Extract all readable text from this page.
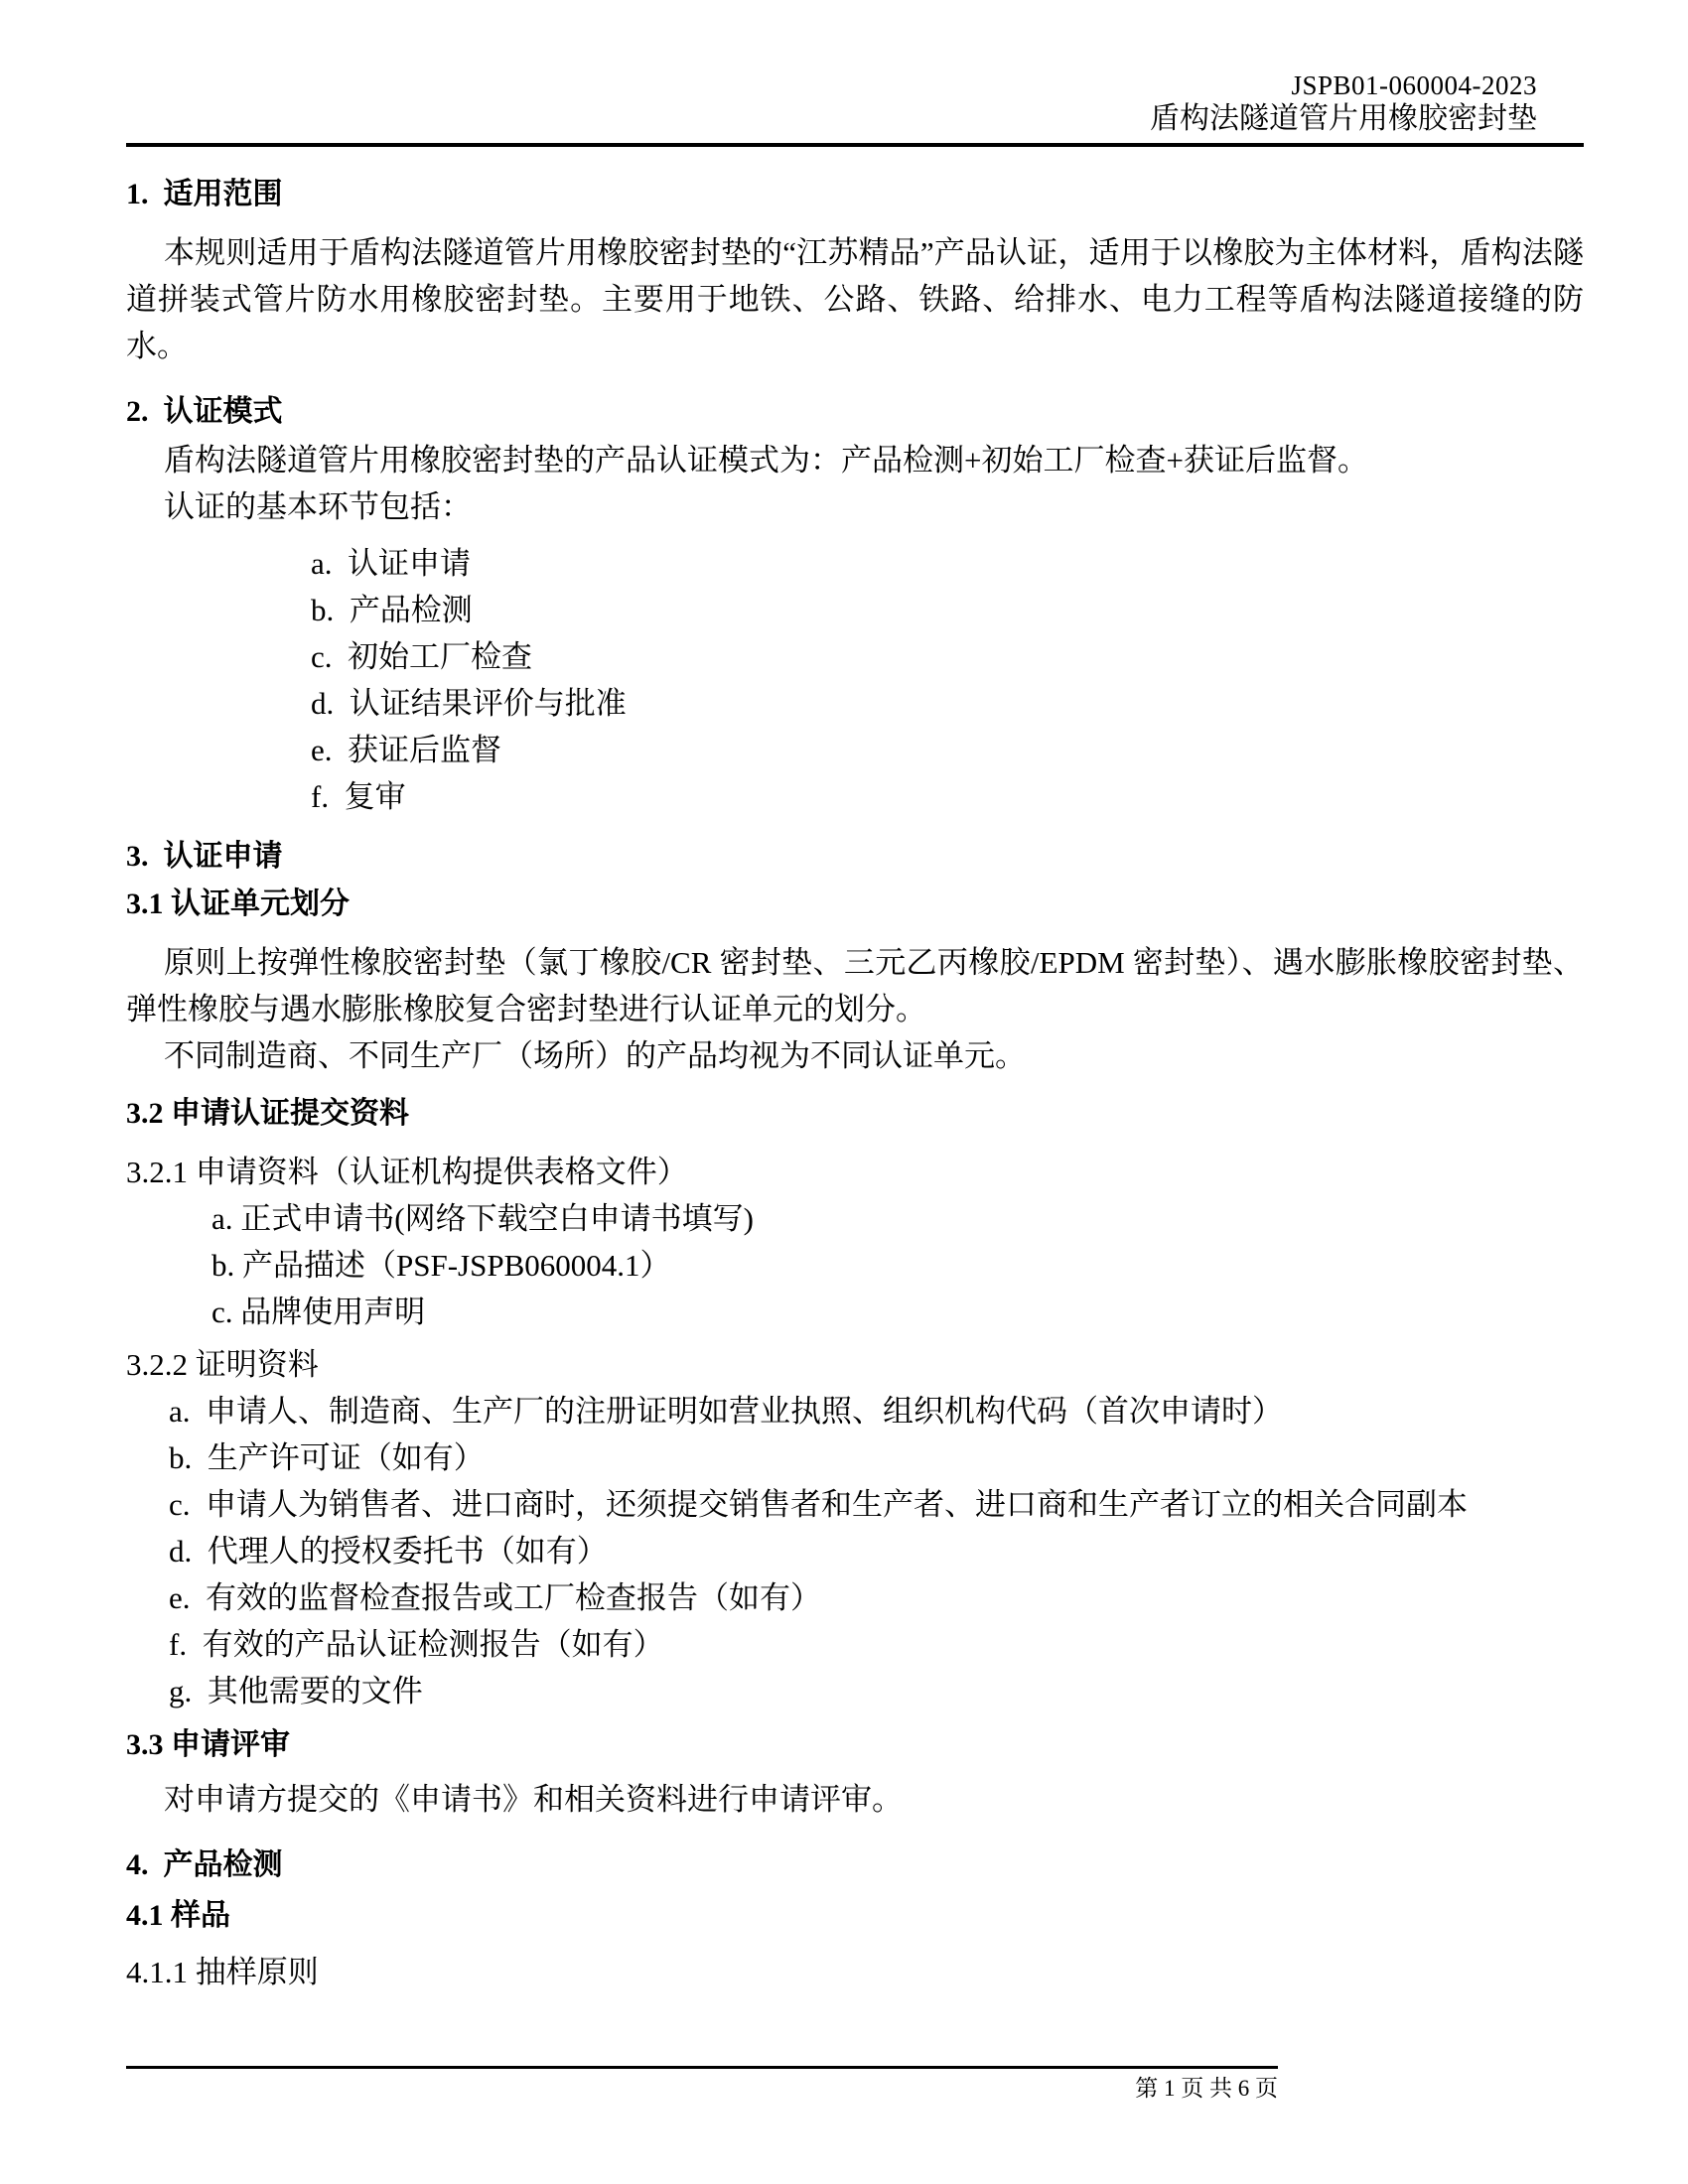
JSPB01-060004-2023
盾构法隧道管片用橡胶密封垫
1.  适用范围

本规则适用于盾构法隧道管片用橡胶密封垫的“江苏精品”产品认证，适用于以橡胶为主体材料，盾构法隧道拼装式管片防水用橡胶密封垫。主要用于地铁、公路、铁路、给排水、电力工程等盾构法隧道接缝的防水。

2.  认证模式

盾构法隧道管片用橡胶密封垫的产品认证模式为：产品检测+初始工厂检查+获证后监督。

认证的基本环节包括：

a.  认证申请
b.  产品检测
c.  初始工厂检查
d.  认证结果评价与批准
e.  获证后监督
f.  复审
3.  认证申请
3.1 认证单元划分

原则上按弹性橡胶密封垫（氯丁橡胶/CR 密封垫、三元乙丙橡胶/EPDM 密封垫）、遇水膨胀橡胶密封垫、弹性橡胶与遇水膨胀橡胶复合密封垫进行认证单元的划分。

不同制造商、不同生产厂（场所）的产品均视为不同认证单元。

3.2 申请认证提交资料

3.2.1 申请资料（认证机构提供表格文件）

a. 正式申请书(网络下载空白申请书填写)
b. 产品描述（PSF-JSPB060004.1）
c. 品牌使用声明

3.2.2 证明资料

a.  申请人、制造商、生产厂的注册证明如营业执照、组织机构代码（首次申请时）
b.  生产许可证（如有）
c.  申请人为销售者、进口商时，还须提交销售者和生产者、进口商和生产者订立的相关合同副本
d.  代理人的授权委托书（如有）
e.  有效的监督检查报告或工厂检查报告（如有）
f.  有效的产品认证检测报告（如有）
g.  其他需要的文件
3.3 申请评审

对申请方提交的《申请书》和相关资料进行申请评审。

4.  产品检测
4.1 样品

4.1.1 抽样原则

第 1 页 共 6 页
